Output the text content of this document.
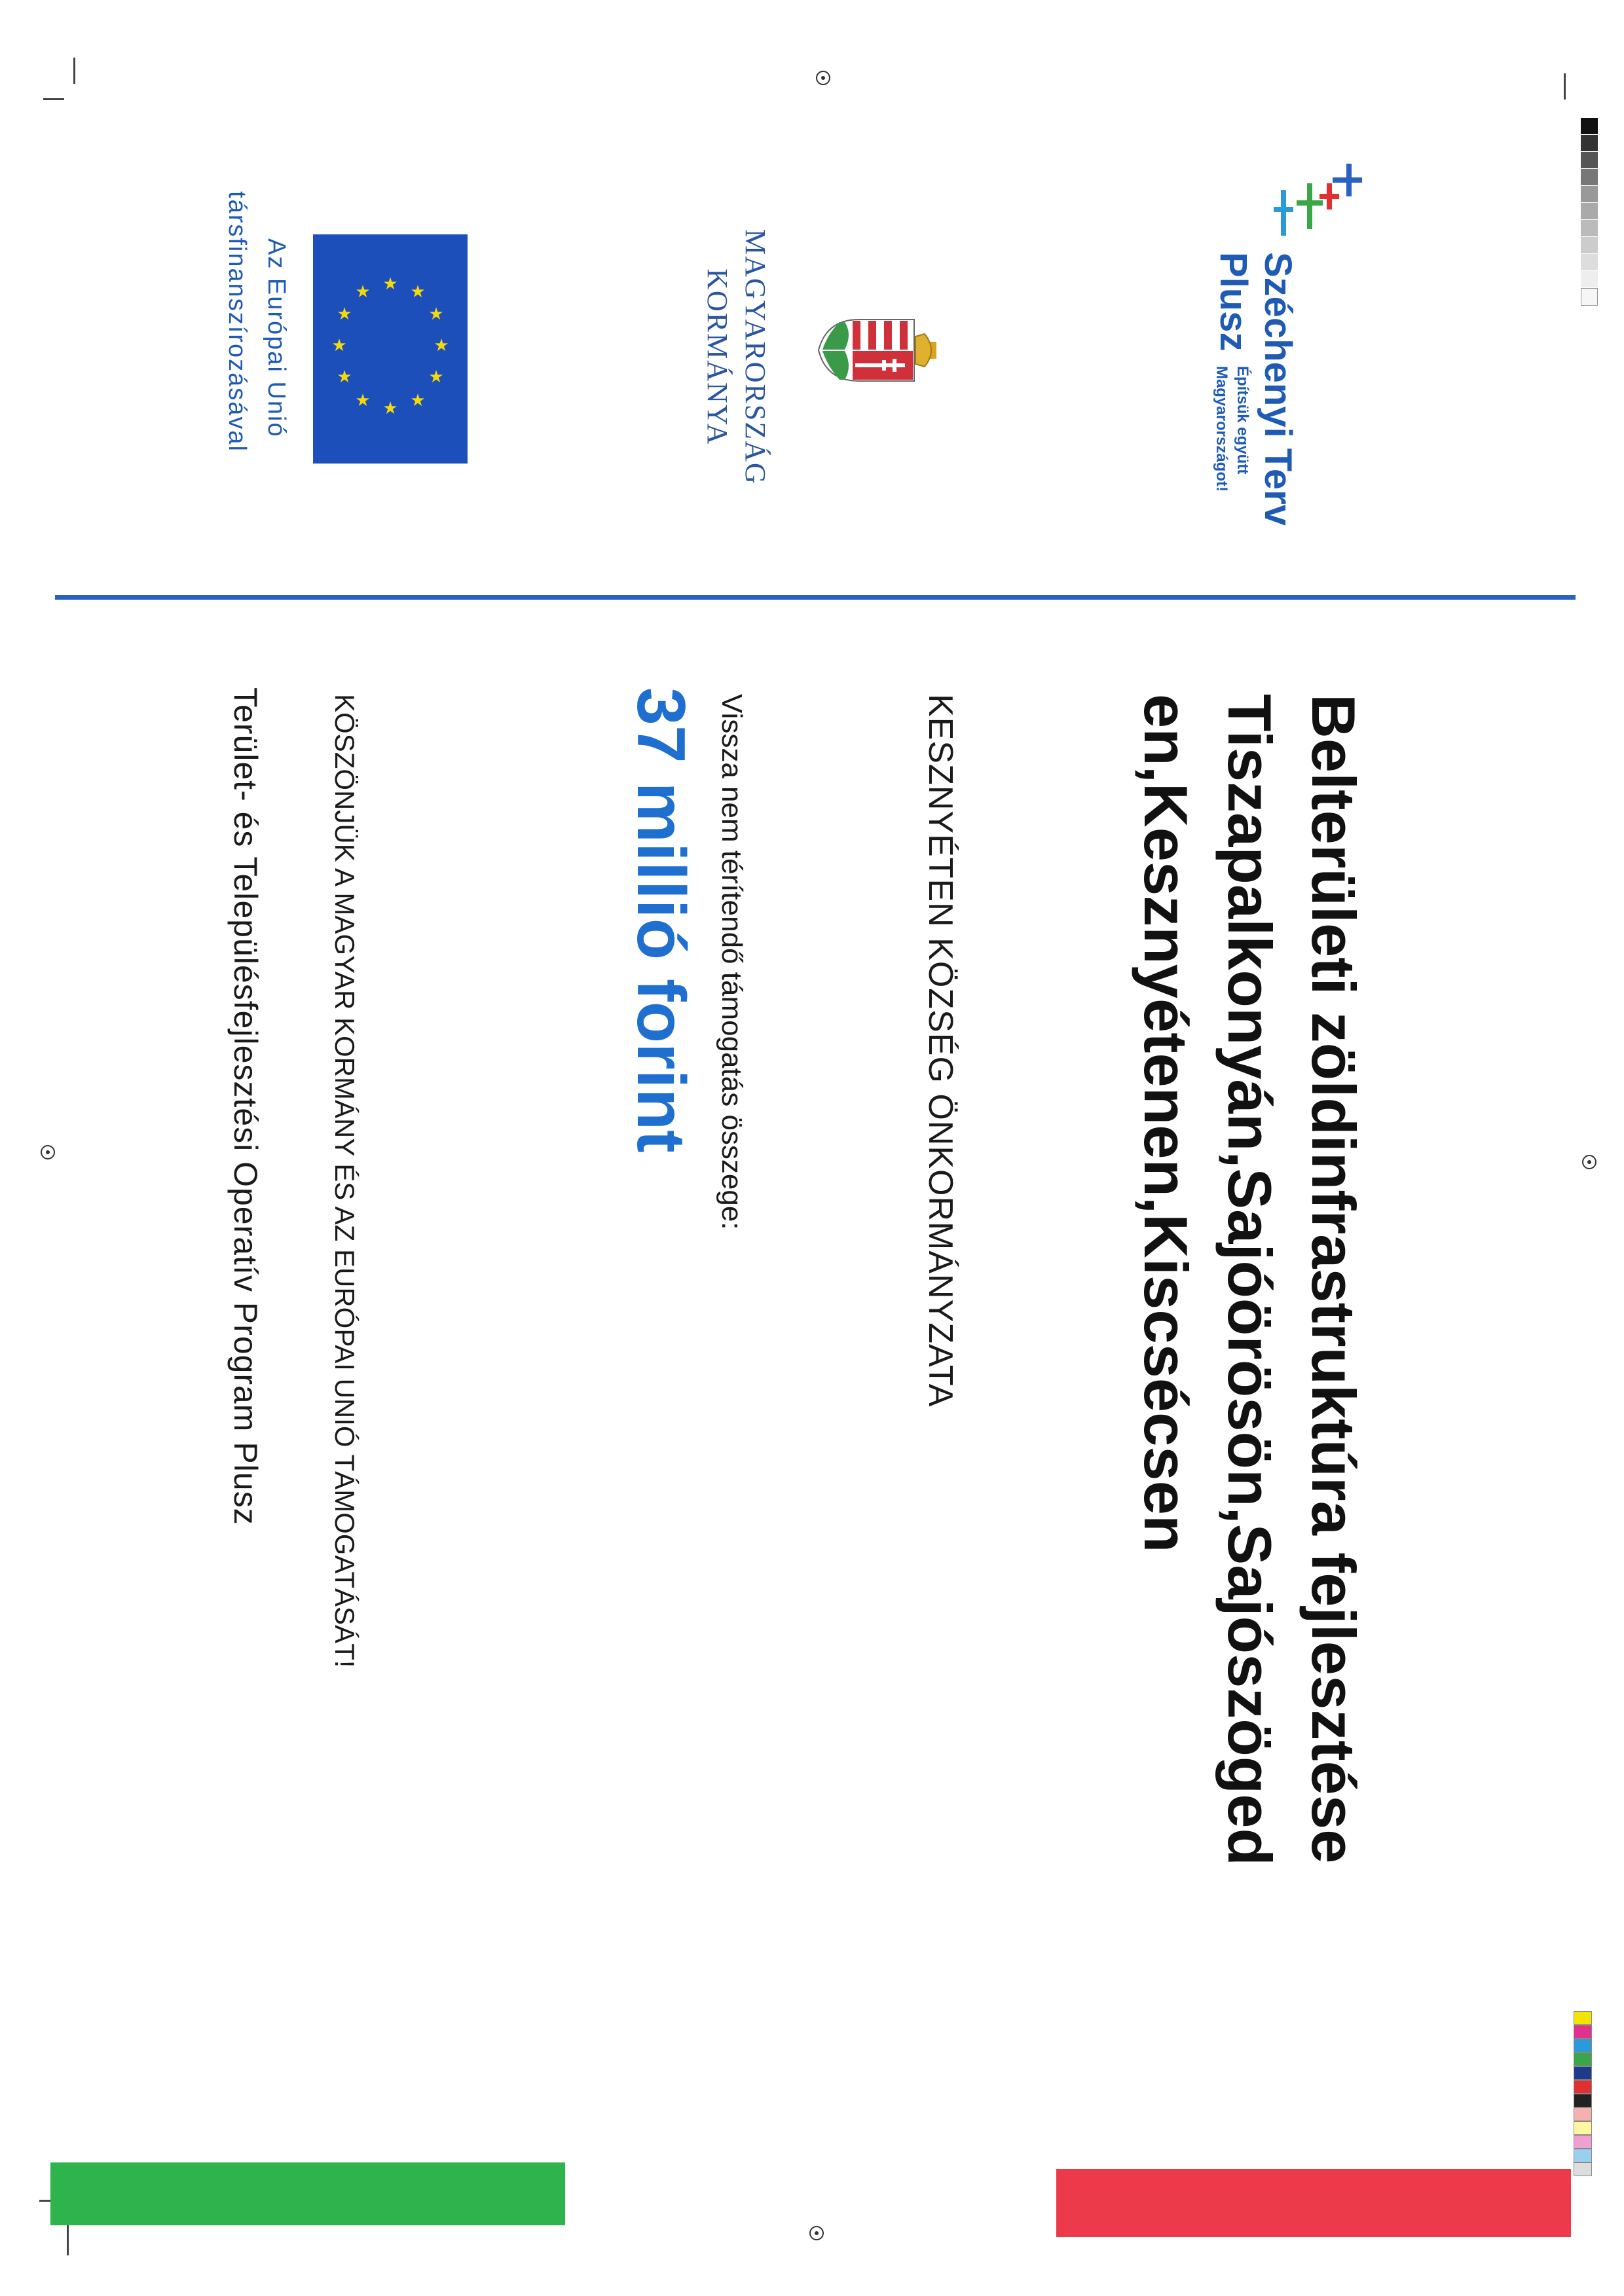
Széchenyi Terv
Plusz
Építsük együtt
Magyarországot!
MAGYARORSZÁG
KORMÁNYA
★ ★
★
★
★
★
★
★
★
★
★
★
Az Európai Unió
társfinanszírozásával
Belterületi zöldinfrastruktúra fejlesztése
Tiszapalkonyán,Sajóörösön,Sajószöged
en,Kesznyétenen,Kiscsécsen
KESZNYÉTEN KÖZSÉG ÖNKORMÁNYZATA
Vissza nem térítendő támogatás összege:
37 millió forint
KÖSZÖNJÜK A MAGYAR KORMÁNY ÉS AZ EURÓPAI UNIÓ TÁMOGATÁSÁT!
Terület- és Településfejlesztési Operatív Program Plusz
